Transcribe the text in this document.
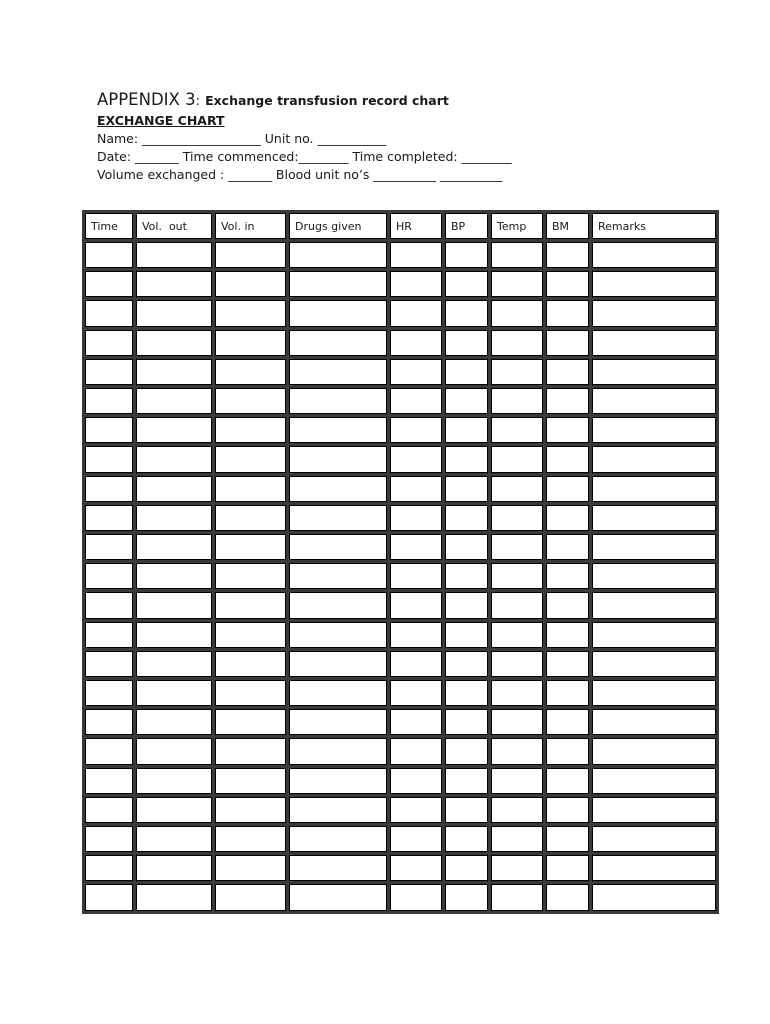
APPENDIX 3: Exchange transfusion record chart
EXCHANGE CHART
Name: ___________________ Unit no. ___________
Date: _______ Time commenced:________ Time completed: ________
Volume exchanged : _______ Blood unit no’s __________ __________
Time	Vol.  out	Vol. in	Drugs given	HR	BP	Temp	BM	Remarks
